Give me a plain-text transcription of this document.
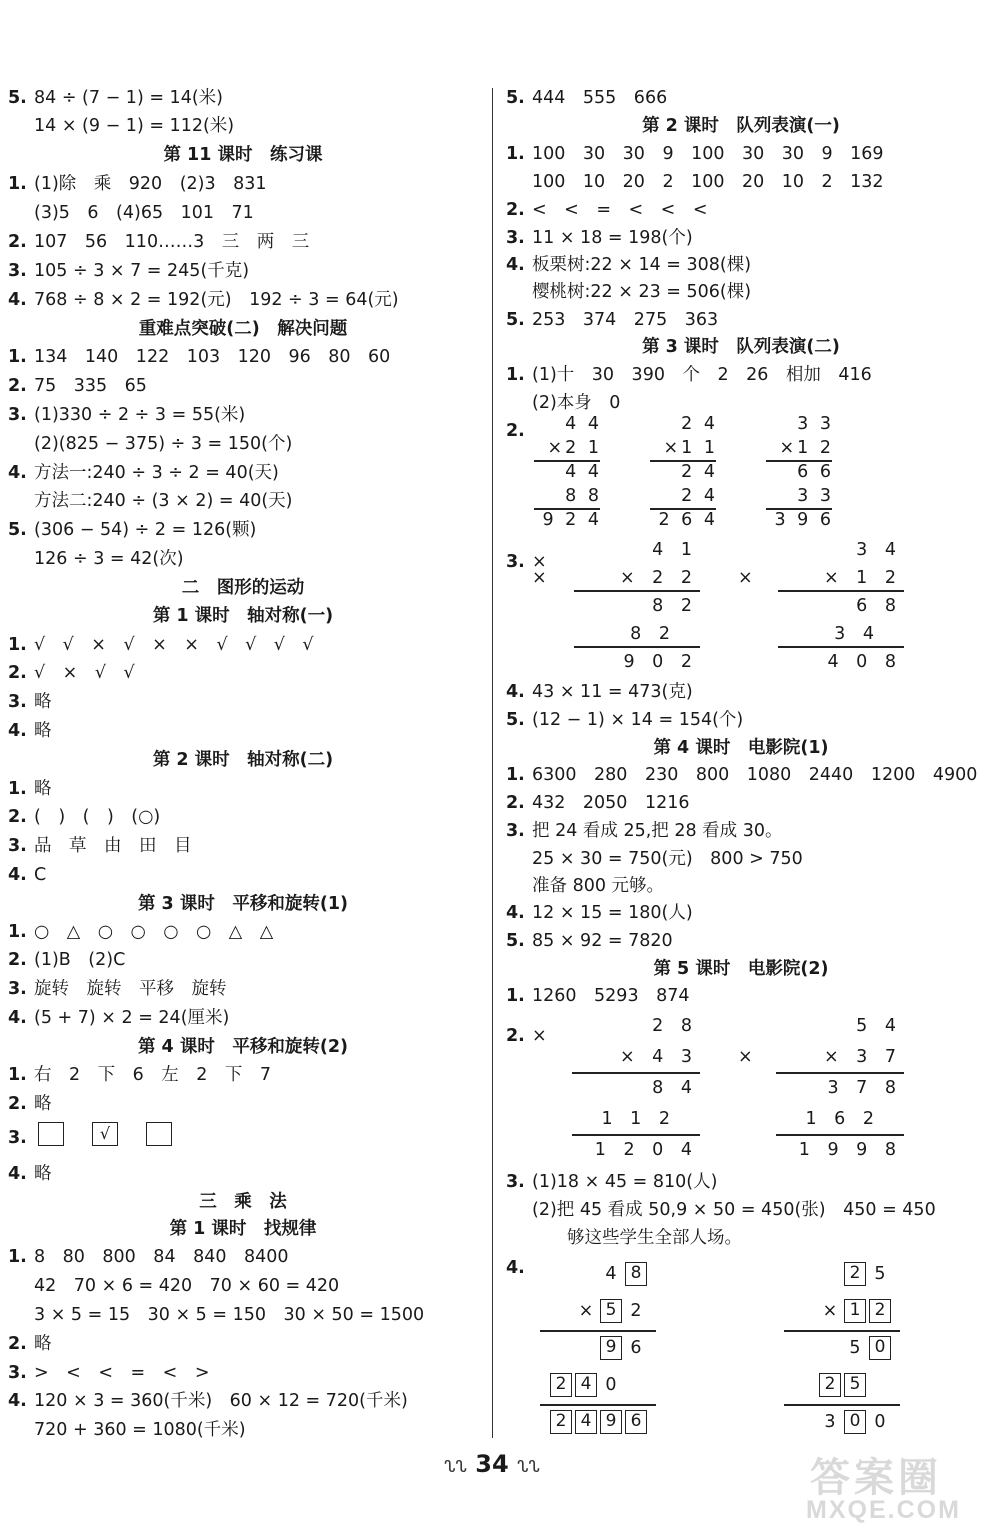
5. 84 ÷ (7 − 1) = 14(米)
14 × (9 − 1) = 112(米)
第 11 课时　练习课
1. (1)除　乘　920　(2)3　831
(3)5　6　(4)65　101　71
2. 107　56　110……3　三　两　三
3. 105 ÷ 3 × 7 = 245(千克)
4. 768 ÷ 8 × 2 = 192(元)　192 ÷ 3 = 64(元)
重难点突破(二)　解决问题
1. 134　140　122　103　120　96　80　60
2. 75　335　65
3. (1)330 ÷ 2 ÷ 3 = 55(米)
(2)(825 − 375) ÷ 3 = 150(个)
4. 方法一:240 ÷ 3 ÷ 2 = 40(天)
方法二:240 ÷ (3 × 2) = 40(天)
5. (306 − 54) ÷ 2 = 126(颗)
126 ÷ 3 = 42(次)
二　图形的运动
第 1 课时　轴对称(一)
1. √　√　×　√　×　×　√　√　√　√
2. √　×　√　√
3. 略
4. 略
第 2 课时　轴对称(二)
1. 略
2. (　)　(　)　(○)
3. 品　草　由　田　目
4. C
第 3 课时　平移和旋转(1)
1. ○　△　○　○　○　○　△　△
2. (1)B　(2)C
3. 旋转　旋转　平移　旋转
4. (5 + 7) × 2 = 24(厘米)
第 4 课时　平移和旋转(2)
1. 右　2　下　6　左　2　下　7
2. 略
3.	√
4. 略
三　乘　法
第 1 课时　找规律
1. 8　80　800　84　840　8400
42　70 × 6 = 420　70 × 60 = 420
3 × 5 = 15　30 × 5 = 150　30 × 50 = 1500
2. 略
3. >　<　<　=　<　>
4. 120 × 3 = 360(千米)　60 × 12 = 720(千米)
720 + 360 = 1080(千米)
5. 444　555　666
第 2 课时　队列表演(一)
1. 100　30　30　9　100　30　30　9　169
100　10　20　2　100　20　10　2　132
2. <　<　=　<　<　<
3. 11 × 18 = 198(个)
4. 板栗树:22 × 14 = 308(棵)
樱桃树:22 × 23 = 506(棵)
5. 253　374　275　363
第 3 课时　队列表演(二)
1. (1)十　30　390　个　2　26　相加　416
(2)本身　0
2.
3. ×
4. 43 × 11 = 473(克)
5. (12 − 1) × 14 = 154(个)
第 4 课时　电影院(1)
1. 6300　280　230　800　1080　2440　1200　4900
2. 432　2050　1216
3. 把 24 看成 25,把 28 看成 30。
25 × 30 = 750(元)　800 > 750
准备 800 元够。
4. 12 × 15 = 180(人)
5. 85 × 92 = 7820
第 5 课时　电影院(2)
1. 1260　5293　874
2. ×
3. (1)18 × 45 = 810(人)
(2)把 45 看成 50,9 × 50 = 450(张)　450 = 450
　　够这些学生全部人场。
4.
4 4
×2 1
4 4
8 8
9 2 4
2 4
×1 1
2 4
2 4
2 6 4
3 3
×1 2
6 6
3 3
3 9 6
×
4 1
× 2 2
8 2
8 2
9 0 2
×
3 4
× 1 2
6 8
3 4
4 0 8
2 8
× 4 3
8 4
1 1 2
1 2 0 4
×
5 4
× 3 7
3 7 8
1 6 2
1 9 9 8
4 8
× 5 2
9 6
2 4 0
2 4 9 6
2 5
× 1 2
5 0
2 5
3 0 0
ᔐᔐ 34 ᔐᔐ	答案圈
MXQE.COM
